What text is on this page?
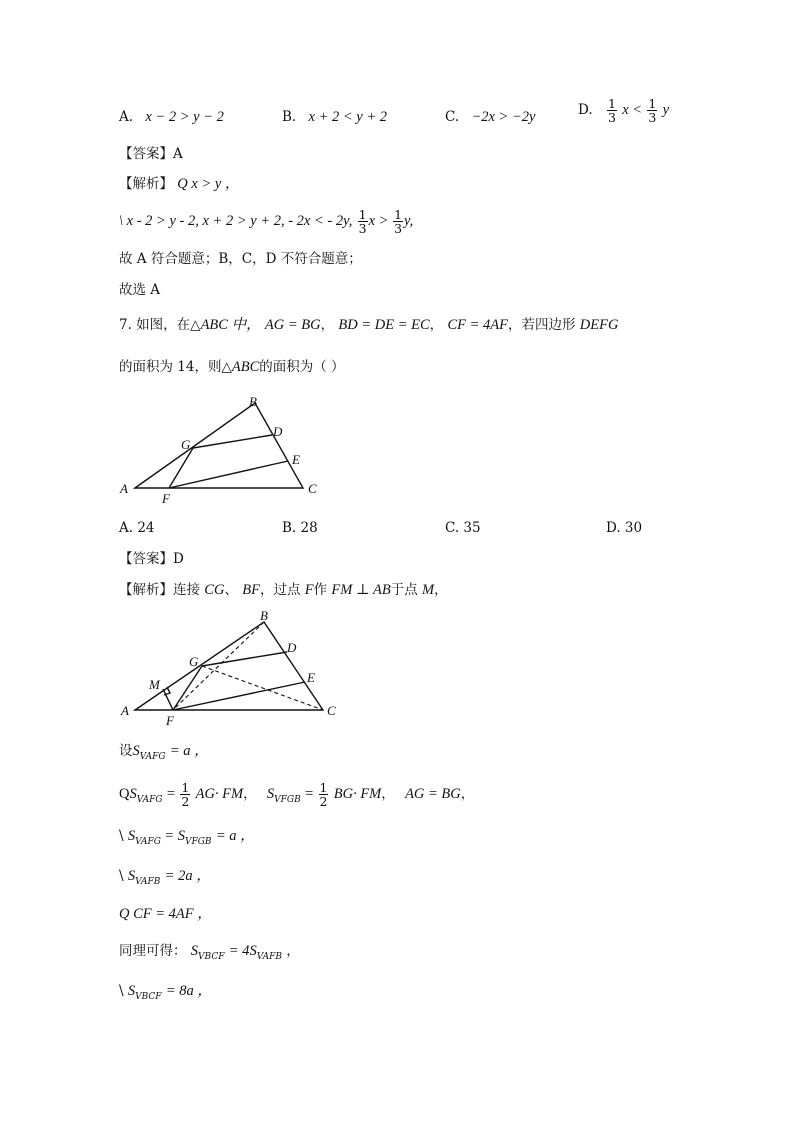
A. x − 2 > y − 2	B. x + 2 < y + 2	C. −2x > −2y	D. $\frac{1}{3}$ $x < \frac{1}{3}$ y
【答案】A
【解析】 Q x > y ，
\ x - 2 > y - 2, x + 2 > y + 2, - 2x < - 2y, $\frac{1}{3}$ $x > \frac{1}{3} y$,
故 A 符合题意；B，C，D 不符合题意；
故选 A
7. 如图，在△ABC 中， AG = BG， BD = DE = EC， CF = 4AF，若四边形 DEFG
的面积为 14，则△ABC的面积为（ ）
B
D
G
E
A
F
C
A. 24	B. 28	C. 35	D. 30
【答案】D
【解析】连接 CG、 BF，过点 F作 FM ⊥ AB于点 M，
B
D
G
E
M
A
F
C
设$S_{VAFG} = a$ ，
$QS_{VAFG} = \frac{1}{2} AG\cdot$ FM， $S_{VFGB} = \frac{1}{2} BG\cdot$ FM， AG = BG，
\ $S_{VAFG} = S_{VFGB} = a$ ，
\ $S_{VAFB} = 2a$ ，
Q CF = 4AF ，
同理可得： $S_{VBCF} = 4S_{VAFB}$ ，
\ $S_{VBCF} = 8a$ ，
